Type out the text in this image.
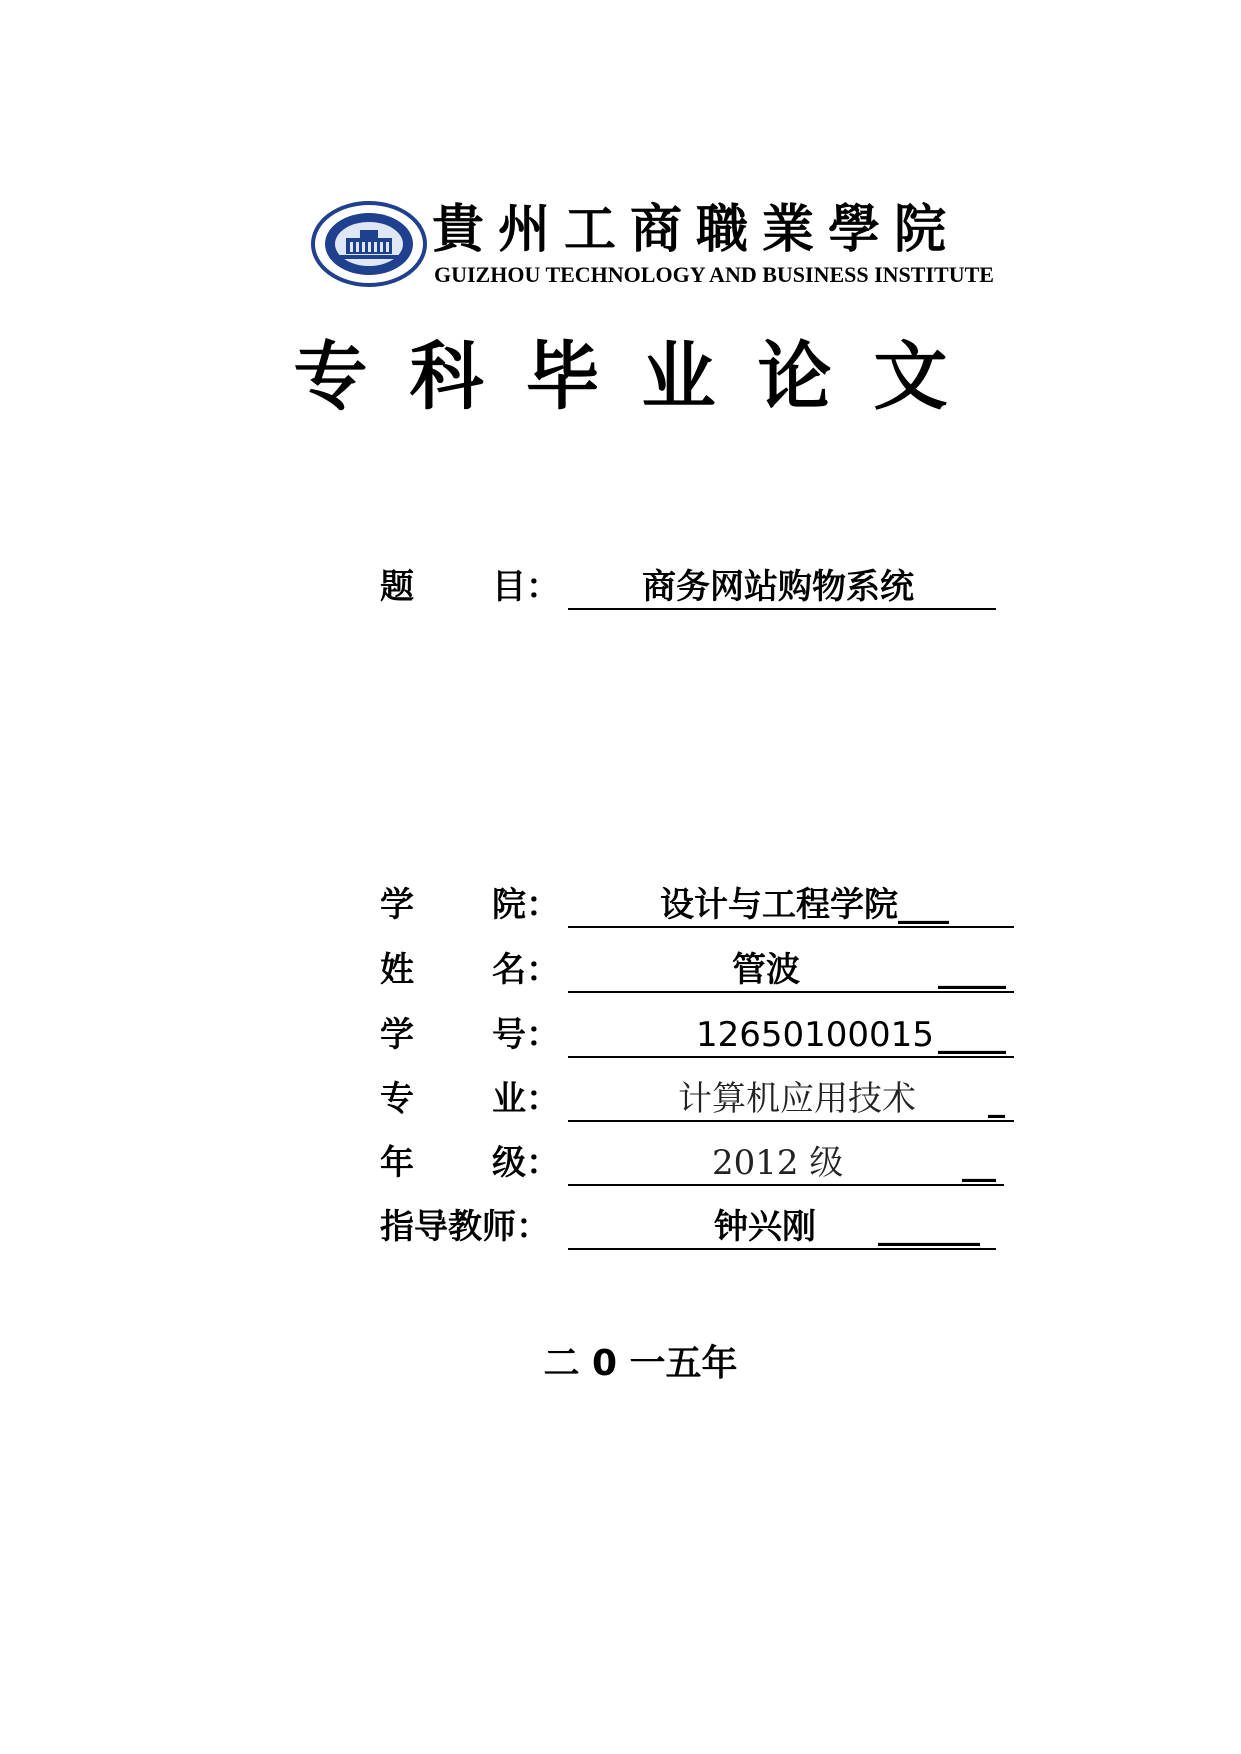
貴州工商職業學院
GUIZHOU TECHNOLOGY AND BUSINESS INSTITUTE
专科毕业论文
题 目： 商务网站购物系统
学 院：	设计与工程学院___
姓 名：	管波	____
学 号：	12650100015 ____
专 业：	计算机应用技术 _
年 级：	2012 级	__
指导教师：	钟兴刚 ______
二 0 一五年
